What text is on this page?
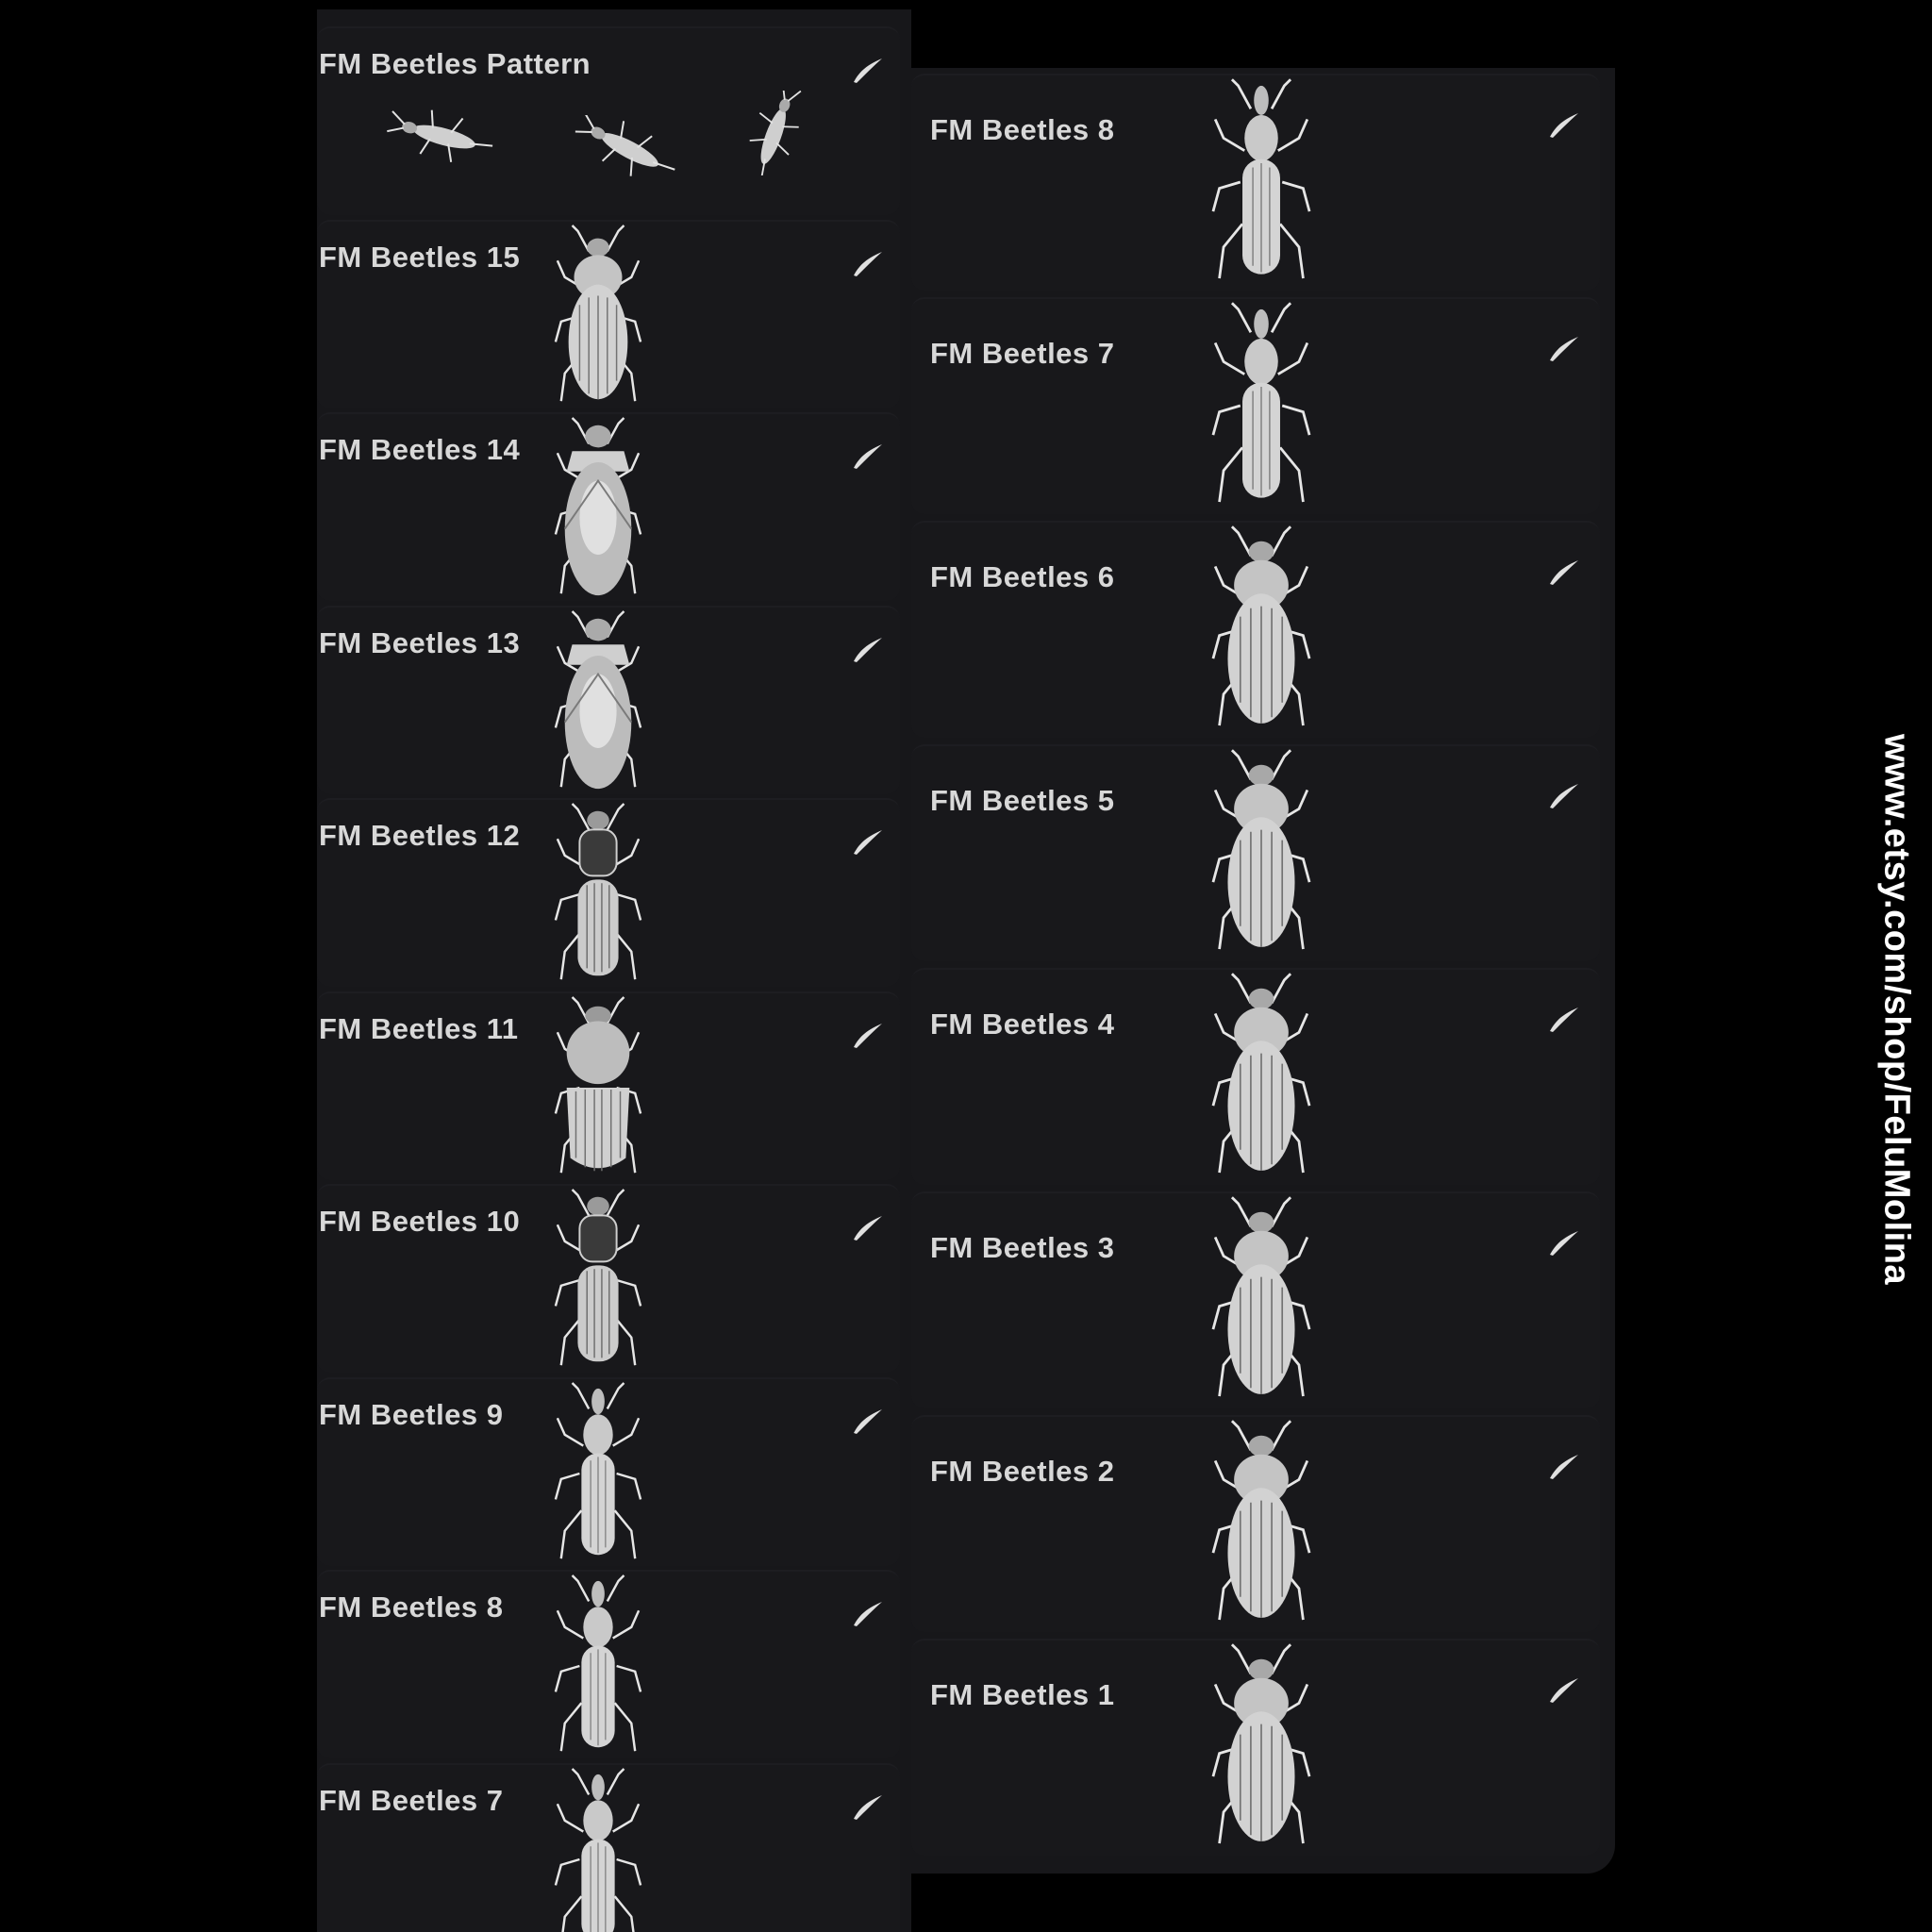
FM Beetles Pattern
FM Beetles 15
FM Beetles 14
FM Beetles 13
FM Beetles 12
FM Beetles 11
FM Beetles 10
FM Beetles 9
FM Beetles 8
FM Beetles 7
FM Beetles 8
FM Beetles 7
FM Beetles 6
FM Beetles 5
FM Beetles 4
FM Beetles 3
FM Beetles 2
FM Beetles 1
www.etsy.com/shop/FeluMolina
